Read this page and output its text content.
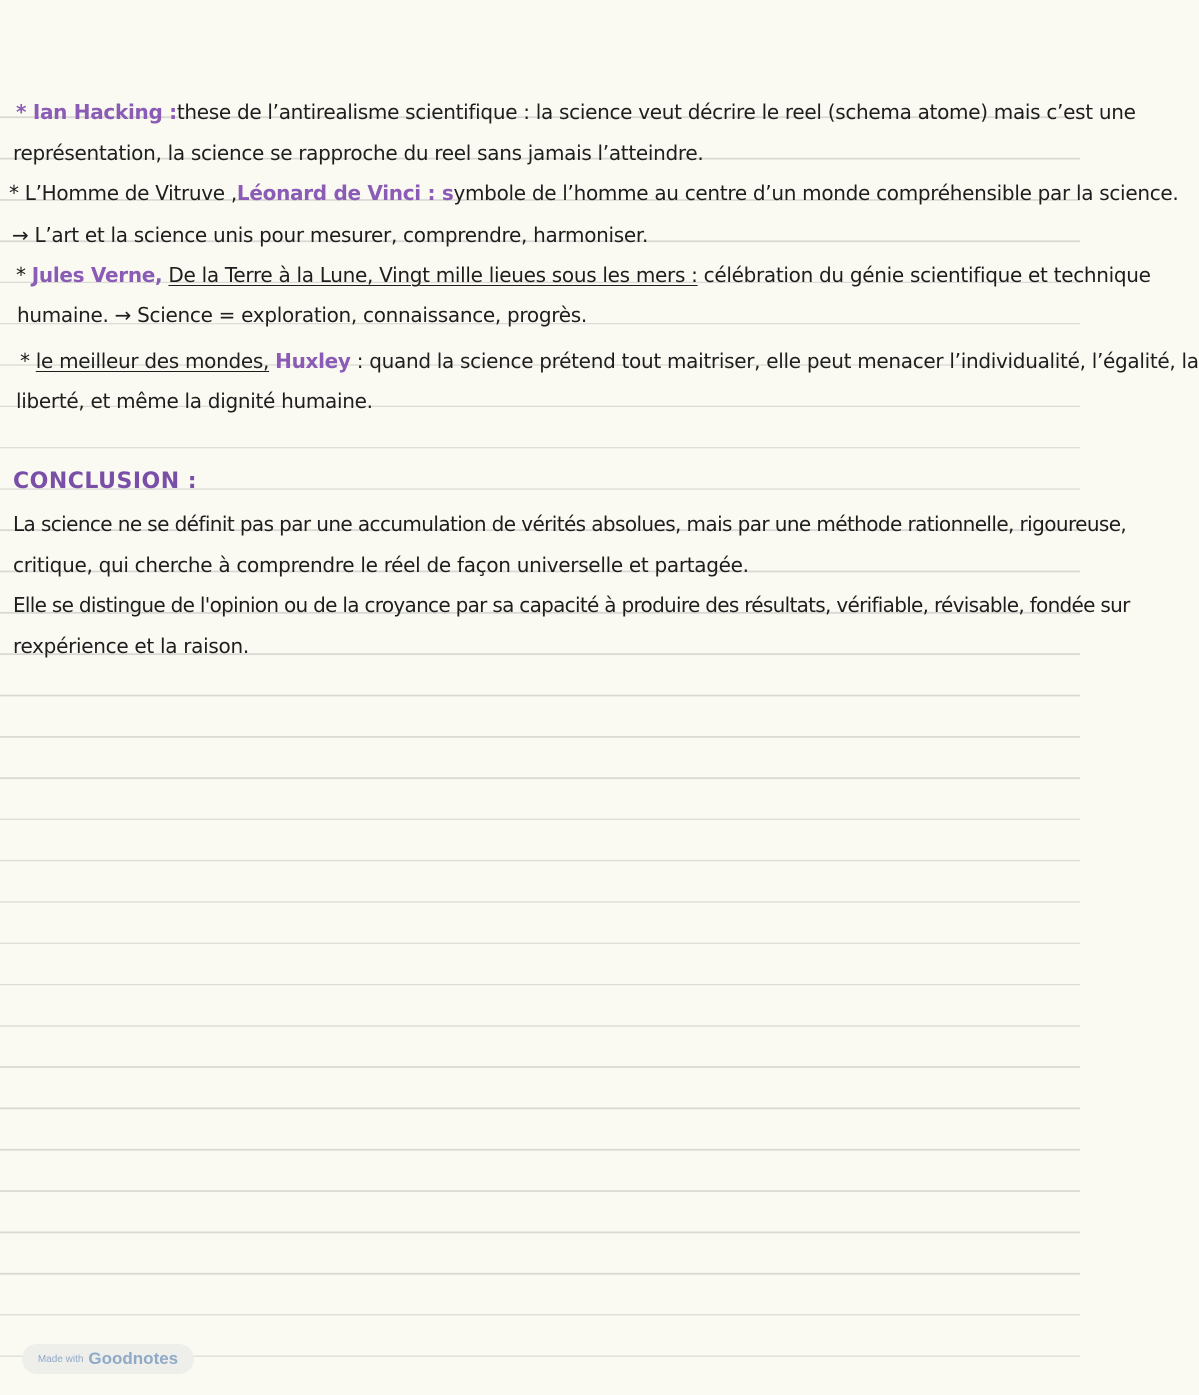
* Ian Hacking :these de l’antirealisme scientifique : la science veut décrire le reel (schema atome) mais c’est une
représentation, la science se rapproche du reel sans jamais l’atteindre.
* L’Homme de Vitruve ,Léonard de Vinci : symbole de l’homme au centre d’un monde compréhensible par la science.
→ L’art et la science unis pour mesurer, comprendre, harmoniser.
* Jules Verne, De la Terre à la Lune, Vingt mille lieues sous les mers : célébration du génie scientifique et technique
humaine. → Science = exploration, connaissance, progrès.
* le meilleur des mondes, Huxley : quand la science prétend tout maitriser, elle peut menacer l’individualité, l’égalité, la
liberté, et même la dignité humaine.
CONCLUSION :
La science ne se définit pas par une accumulation de vérités absolues, mais par une méthode rationnelle, rigoureuse,
critique, qui cherche à comprendre le réel de façon universelle et partagée.
Elle se distingue de l'opinion ou de la croyance par sa capacité à produire des résultats, vérifiable, révisable, fondée sur
rexpérience et la raison.
Made with Goodnotes
